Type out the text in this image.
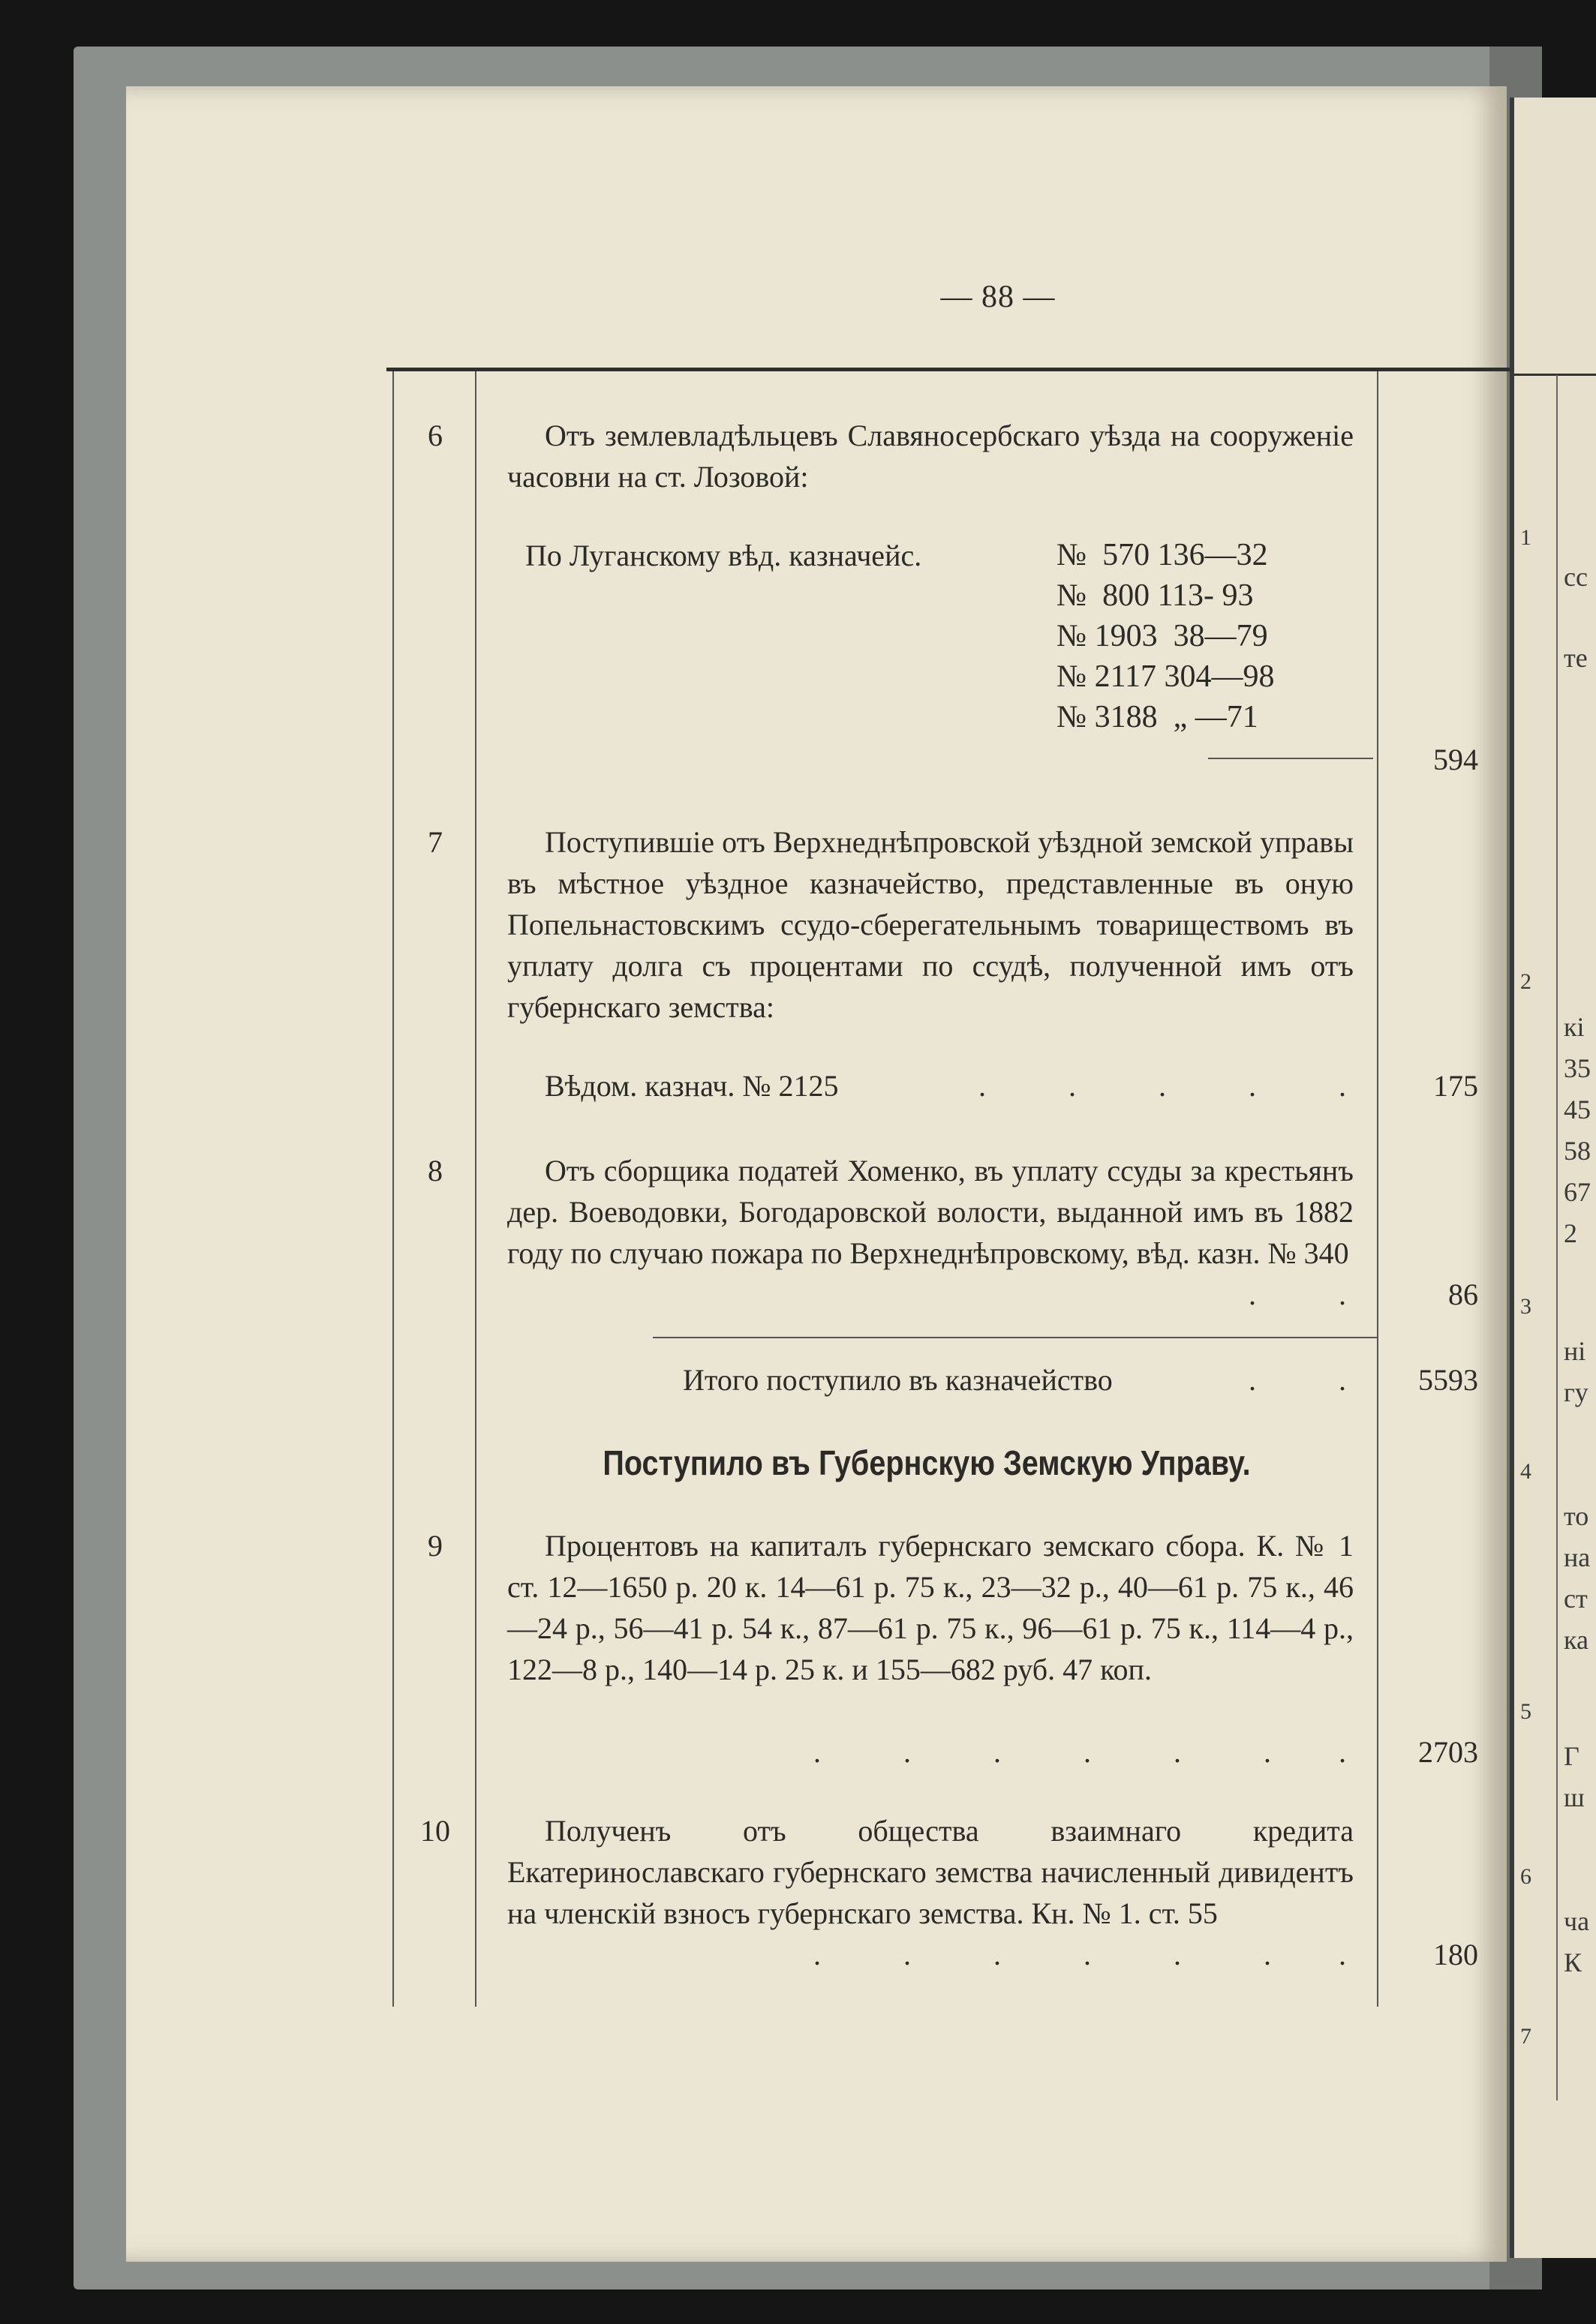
1
2
3
4
5
6
7
сс
те
кі
35
45
58
67
2
ні
гу
то
на
ст
ка
Г
ш
ча
К
— 88 —
6	Отъ землевладѣльцевъ Славяносербскаго уѣзда на сооруженіе часовни на ст. Лозовой:
По Луганскому вѣд. казначейс.	№  570 136—32
№  800 113- 93
№ 1903  38—79
№ 2117 304—98
№ 3188  „ —71
594
7	Поступившіе отъ Верхнеднѣпровской уѣздной земской управы въ мѣстное уѣздное казначейство, представленные въ оную Попельнастовскимъ ссудо-сберегательнымъ товариществомъ въ уплату долга съ процентами по ссудѣ, полученной имъ отъ губернскаго земства:
Вѣдом. казнач. № 2125	.	.	.	.	.	175
8	Отъ сборщика податей Хоменко, въ уплату ссуды за крестьянъ дер. Воеводовки, Богодаровской волости, выданной имъ въ 1882 году по случаю пожара по Верхнеднѣпровскому, вѣд. казн. № 340
.	.	86
Итого поступило въ казначейство	.	.	5593
Поступило въ Губернскую Земскую Управу.
9	Процентовъ на капиталъ губернскаго земскаго сбора. К. № 1 ст. 12—1650 р. 20 к. 14—61 р. 75 к., 23—32 р., 40—61 р. 75 к., 46—24 р., 56—41 р. 54 к., 87—61 р. 75 к., 96—61 р. 75 к., 114—4 р., 122—8 р., 140—14 р. 25 к. и 155—682 руб. 47 коп.
.	.	.	.	.	. .	2703
10	Полученъ отъ общества взаимнаго кредита Екатеринославскаго губернскаго земства начисленный дивидентъ на членскій взносъ губернскаго земства. Кн. № 1. ст. 55
.	.	.	.	.	. .	180
